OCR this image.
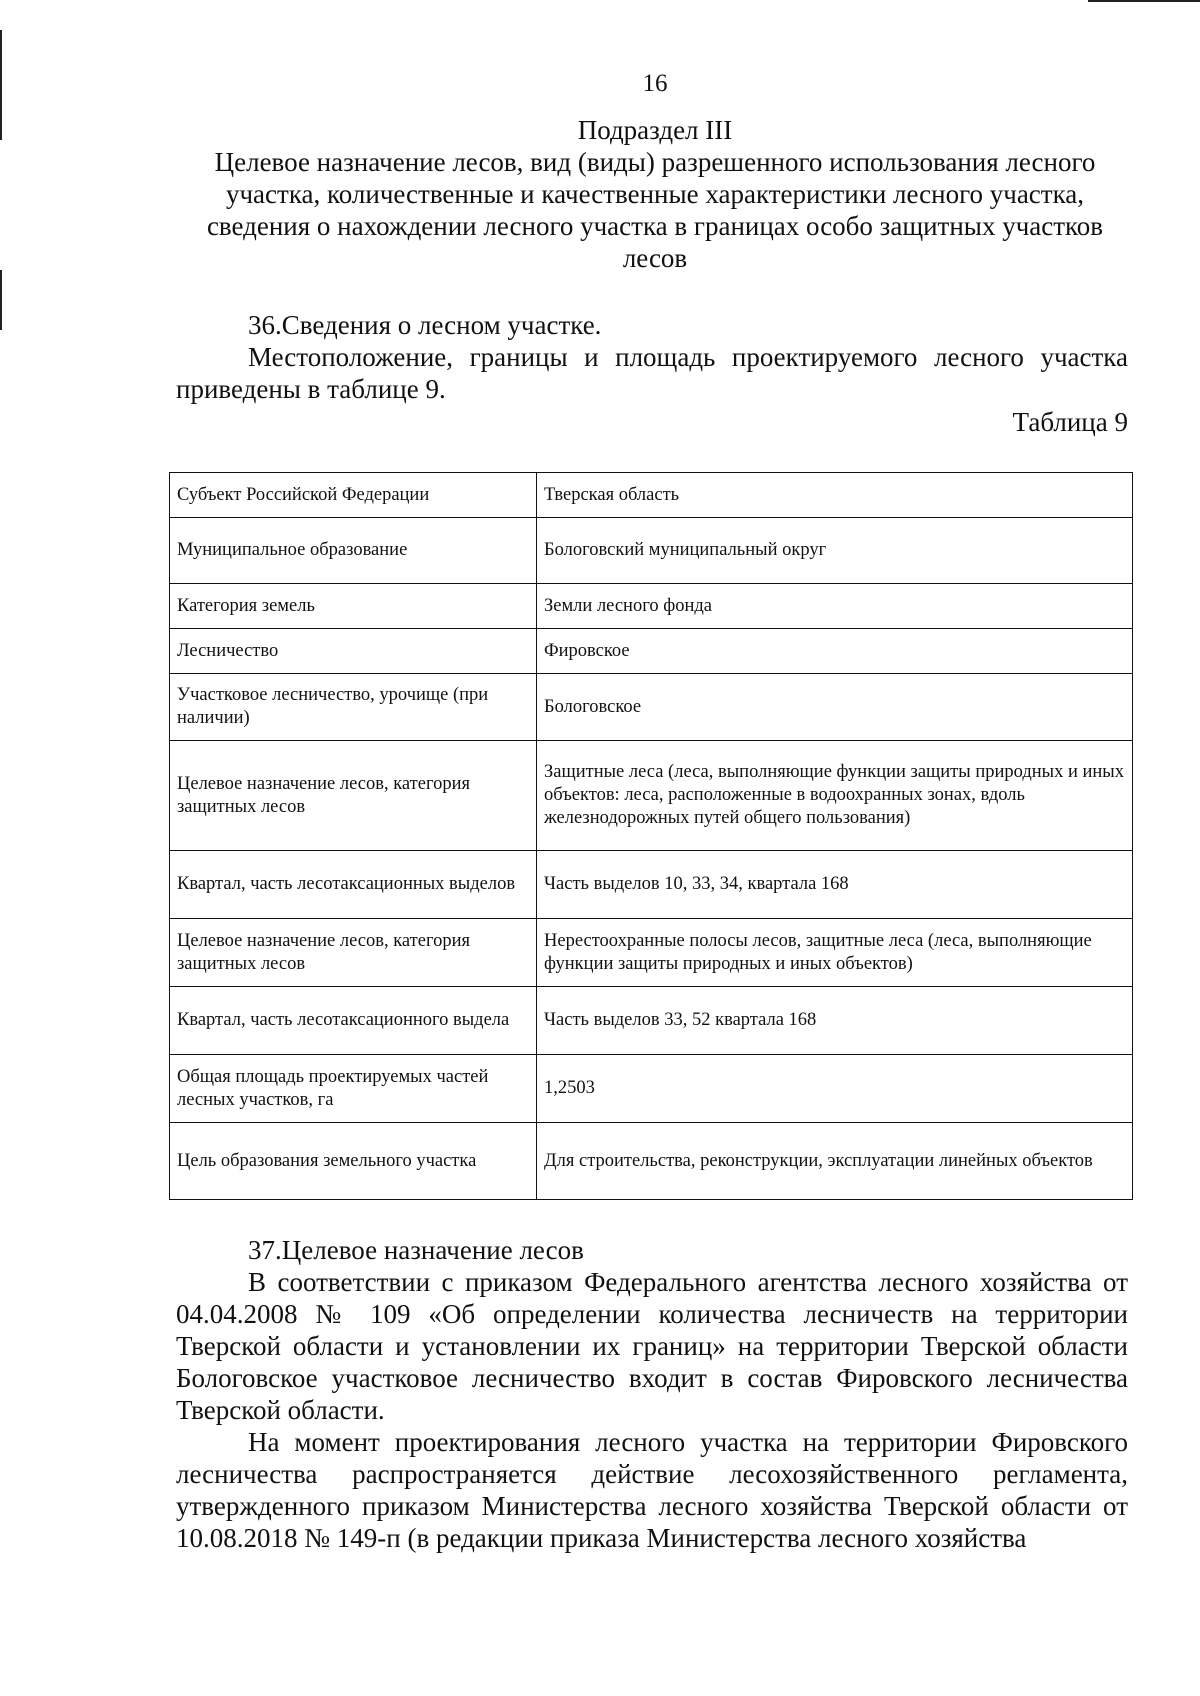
16
Подраздел III
Целевое назначение лесов, вид (виды) разрешенного использования лесного участка, количественные и качественные характеристики лесного участка, сведения о нахождении лесного участка в границах особо защитных участков лесов
36.Сведения о лесном участке.
Местоположение, границы и площадь проектируемого лесного участка приведены в таблице 9.
Таблица 9
Субъект Российской Федерации	Тверская область
Муниципальное образование	Бологовский муниципальный округ
Категория земель	Земли лесного фонда
Лесничество	Фировское
Участковое лесничество, урочище (при наличии)	Бологовское
Целевое назначение лесов, категория защитных лесов	Защитные леса (леса, выполняющие функции защиты природных и иных объектов: леса, расположенные в водоохранных зонах, вдоль железнодорожных путей общего пользования)
Квартал, часть лесотаксационных выделов	Часть выделов 10, 33, 34, квартала 168
Целевое назначение лесов, категория защитных лесов	Нерестоохранные полосы лесов, защитные леса (леса, выполняющие функции защиты природных и иных объектов)
Квартал, часть лесотаксационного выдела	Часть выделов 33, 52 квартала 168
Общая площадь проектируемых частей лесных участков, га	1,2503
Цель образования земельного участка	Для строительства, реконструкции, эксплуатации линейных объектов
37.Целевое назначение лесов
В соответствии с приказом Федерального агентства лесного хозяйства от 04.04.2008 № 109 «Об определении количества лесничеств на территории Тверской области и установлении их границ» на территории Тверской области Бологовское участковое лесничество входит в состав Фировского лесничества Тверской области.
На момент проектирования лесного участка на территории Фировского лесничества распространяется действие лесохозяйственного регламента, утвержденного приказом Министерства лесного хозяйства Тверской области от 10.08.2018 № 149-п (в редакции приказа Министерства лесного хозяйства
